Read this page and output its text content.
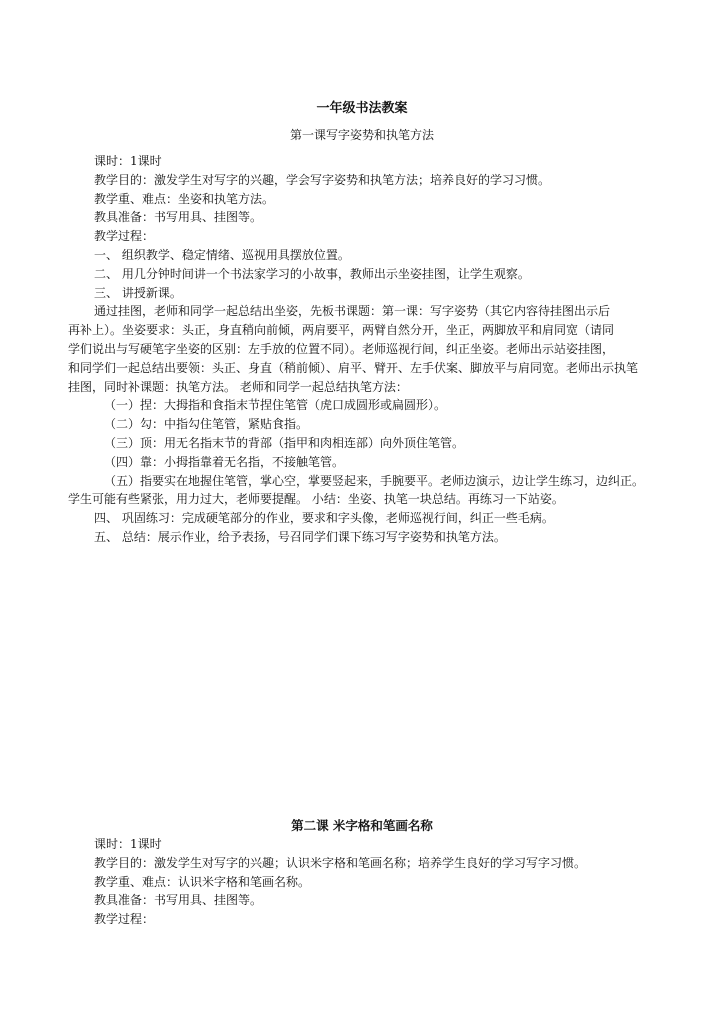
一年级书法教案
第一课写字姿势和执笔方法

课时：1课时

教学目的：激发学生对写字的兴趣，学会写字姿势和执笔方法；培养良好的学习习惯。

教学重、难点：坐姿和执笔方法。

教具准备：书写用具、挂图等。

教学过程：

一、 组织教学、稳定情绪、巡视用具摆放位置。

二、 用几分钟时间讲一个书法家学习的小故事，教师出示坐姿挂图，让学生观察。

三、 讲授新课。

通过挂图，老师和同学一起总结出坐姿，先板书课题：第一课：写字姿势（其它内容待挂图出示后

再补上）。坐姿要求：头正，身直稍向前倾，两肩要平，两臂自然分开，坐正，两脚放平和肩同宽（请同

学们说出与写硬笔字坐姿的区别：左手放的位置不同）。老师巡视行间，纠正坐姿。老师出示站姿挂图，

和同学们一起总结出要领：头正、身直（稍前倾）、肩平、臂开、左手伏案、脚放平与肩同宽。老师出示执笔

挂图，同时补课题：执笔方法。 老师和同学一起总结执笔方法：

（一）捏：大拇指和食指末节捏住笔管（虎口成圆形或扁圆形）。

（二）勾：中指勾住笔管，紧贴食指。

（三）顶：用无名指末节的背部（指甲和肉相连部）向外顶住笔管。

（四）靠：小拇指靠着无名指，不接触笔管。

（五）指要实在地握住笔管，掌心空，掌要竖起来，手腕要平。老师边演示，边让学生练习，边纠正。

学生可能有些紧张，用力过大，老师要提醒。 小结：坐姿、执笔一块总结。再练习一下站姿。

四、 巩固练习：完成硬笔部分的作业，要求和字头像，老师巡视行间，纠正一些毛病。

五、 总结：展示作业，给予表扬，号召同学们课下练习写字姿势和执笔方法。

第二课 米字格和笔画名称

课时：1课时

教学目的：激发学生对写字的兴趣；认识米字格和笔画名称；培养学生良好的学习写字习惯。

教学重、难点：认识米字格和笔画名称。

教具准备：书写用具、挂图等。

教学过程：
